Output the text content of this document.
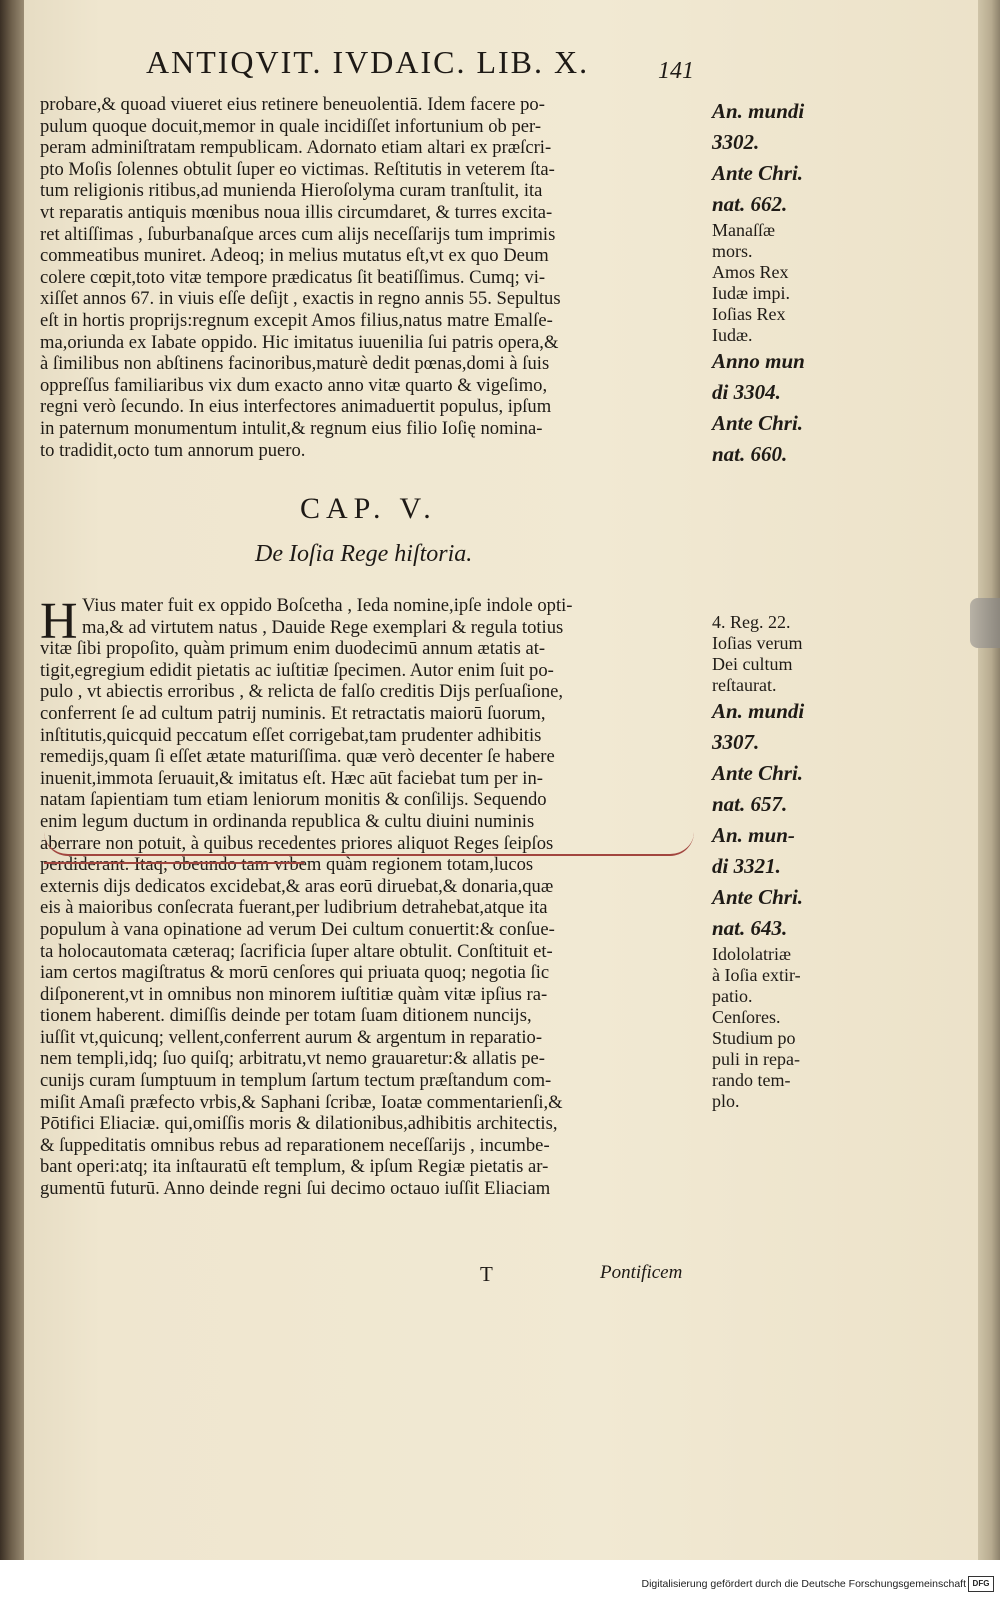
ANTIQVIT. IVDAIC. LIB. X.	141
probare,& quoad viueret eius retinere beneuolentiā. Idem facere po-
pulum quoque docuit,memor in quale incidiſſet infortunium ob per-
peram adminiſtratam rempublicam. Adornato etiam altari ex præſcri-
pto Moſis ſolennes obtulit ſuper eo victimas. Reſtitutis in veterem ſta-
tum religionis ritibus,ad munienda Hieroſolyma curam tranſtulit, ita
vt reparatis antiquis mœnibus noua illis circumdaret, & turres excita-
ret altiſſimas , ſuburbanaſque arces cum alijs neceſſarijs tum imprimis
commeatibus muniret. Adeoq; in melius mutatus eſt,vt ex quo Deum
colere cœpit,toto vitæ tempore prædicatus ſit beatiſſimus. Cumq; vi-
xiſſet annos 67. in viuis eſſe deſijt , exactis in regno annis 55. Sepultus
eſt in hortis proprijs:regnum excepit Amos filius,natus matre Emalſe-
ma,oriunda ex Iabate oppido. Hic imitatus iuuenilia ſui patris opera,&
à ſimilibus non abſtinens facinoribus,maturè dedit pœnas,domi à ſuis
oppreſſus familiaribus vix dum exacto anno vitæ quarto & vigeſimo,
regni verò ſecundo. In eius interfectores animaduertit populus, ipſum
in paternum monumentum intulit,& regnum eius filio Ioſię nomina-
to tradidit,octo tum annorum puero.
CAP. V.
De Ioſia Rege hiſtoria.
H Vius mater fuit ex oppido Boſcetha , Ieda nomine,ipſe indole opti-
ma,& ad virtutem natus , Dauide Rege exemplari & regula totius
vitæ ſibi propoſito, quàm primum enim duodecimū annum ætatis at-
tigit,egregium edidit pietatis ac iuſtitiæ ſpecimen. Autor enim ſuit po-
pulo , vt abiectis erroribus , & relicta de falſo creditis Dijs perſuaſione,
conferrent ſe ad cultum patrij numinis. Et retractatis maiorū ſuorum,
inſtitutis,quicquid peccatum eſſet corrigebat,tam prudenter adhibitis
remedijs,quam ſi eſſet ætate maturiſſima. quæ verò decenter ſe habere
inuenit,immota ſeruauit,& imitatus eſt. Hæc aūt faciebat tum per in-
natam ſapientiam tum etiam leniorum monitis & conſilijs. Sequendo
enim legum ductum in ordinanda republica & cultu diuini numinis
aberrare non potuit, à quibus recedentes priores aliquot Reges ſeipſos
perdiderant. Itaq; obeundo tam vrbem quàm regionem totam,lucos
externis dijs dedicatos excidebat,& aras eorū diruebat,& donaria,quæ
eis à maioribus conſecrata fuerant,per ludibrium detrahebat,atque ita
populum à vana opinatione ad verum Dei cultum conuertit:& conſue-
ta holocautomata cæteraq; ſacrificia ſuper altare obtulit. Conſtituit et-
iam certos magiſtratus & morū cenſores qui priuata quoq; negotia ſic
diſponerent,vt in omnibus non minorem iuſtitiæ quàm vitæ ipſius ra-
tionem haberent. dimiſſis deinde per totam ſuam ditionem nuncijs,
iuſſit vt,quicunq; vellent,conferrent aurum & argentum in reparatio-
nem templi,idq; ſuo quiſq; arbitratu,vt nemo grauaretur:& allatis pe-
cunijs curam ſumptuum in templum ſartum tectum præſtandum com-
miſit Amaſi præfecto vrbis,& Saphani ſcribæ, Ioatæ commentarienſi,&
Pōtifici Eliaciæ. qui,omiſſis moris & dilationibus,adhibitis architectis,
& ſuppeditatis omnibus rebus ad reparationem neceſſarijs , incumbe-
bant operi:atq; ita inſtauratū eſt templum, & ipſum Regiæ pietatis ar-
gumentū futurū. Anno deinde regni ſui decimo octauo iuſſit Eliaciam
An. mundi
3302.
Ante Chri.
nat. 662.
Manaſſæ
mors.
Amos Rex
Iudæ impi.
Ioſias Rex
Iudæ.
Anno mun
di 3304.
Ante Chri.
nat. 660.
4. Reg. 22.
Ioſias verum
Dei cultum
reſtaurat.
An. mundi
3307.
Ante Chri.
nat. 657.
An. mun-
di 3321.
Ante Chri.
nat. 643.
Idololatriæ
à Ioſia extir-
patio.
Cenſores.
Studium po
puli in repa-
rando tem-
plo.
T	Pontificem
Digitalisierung gefördert durch die Deutsche Forschungsgemeinschaft DFG
